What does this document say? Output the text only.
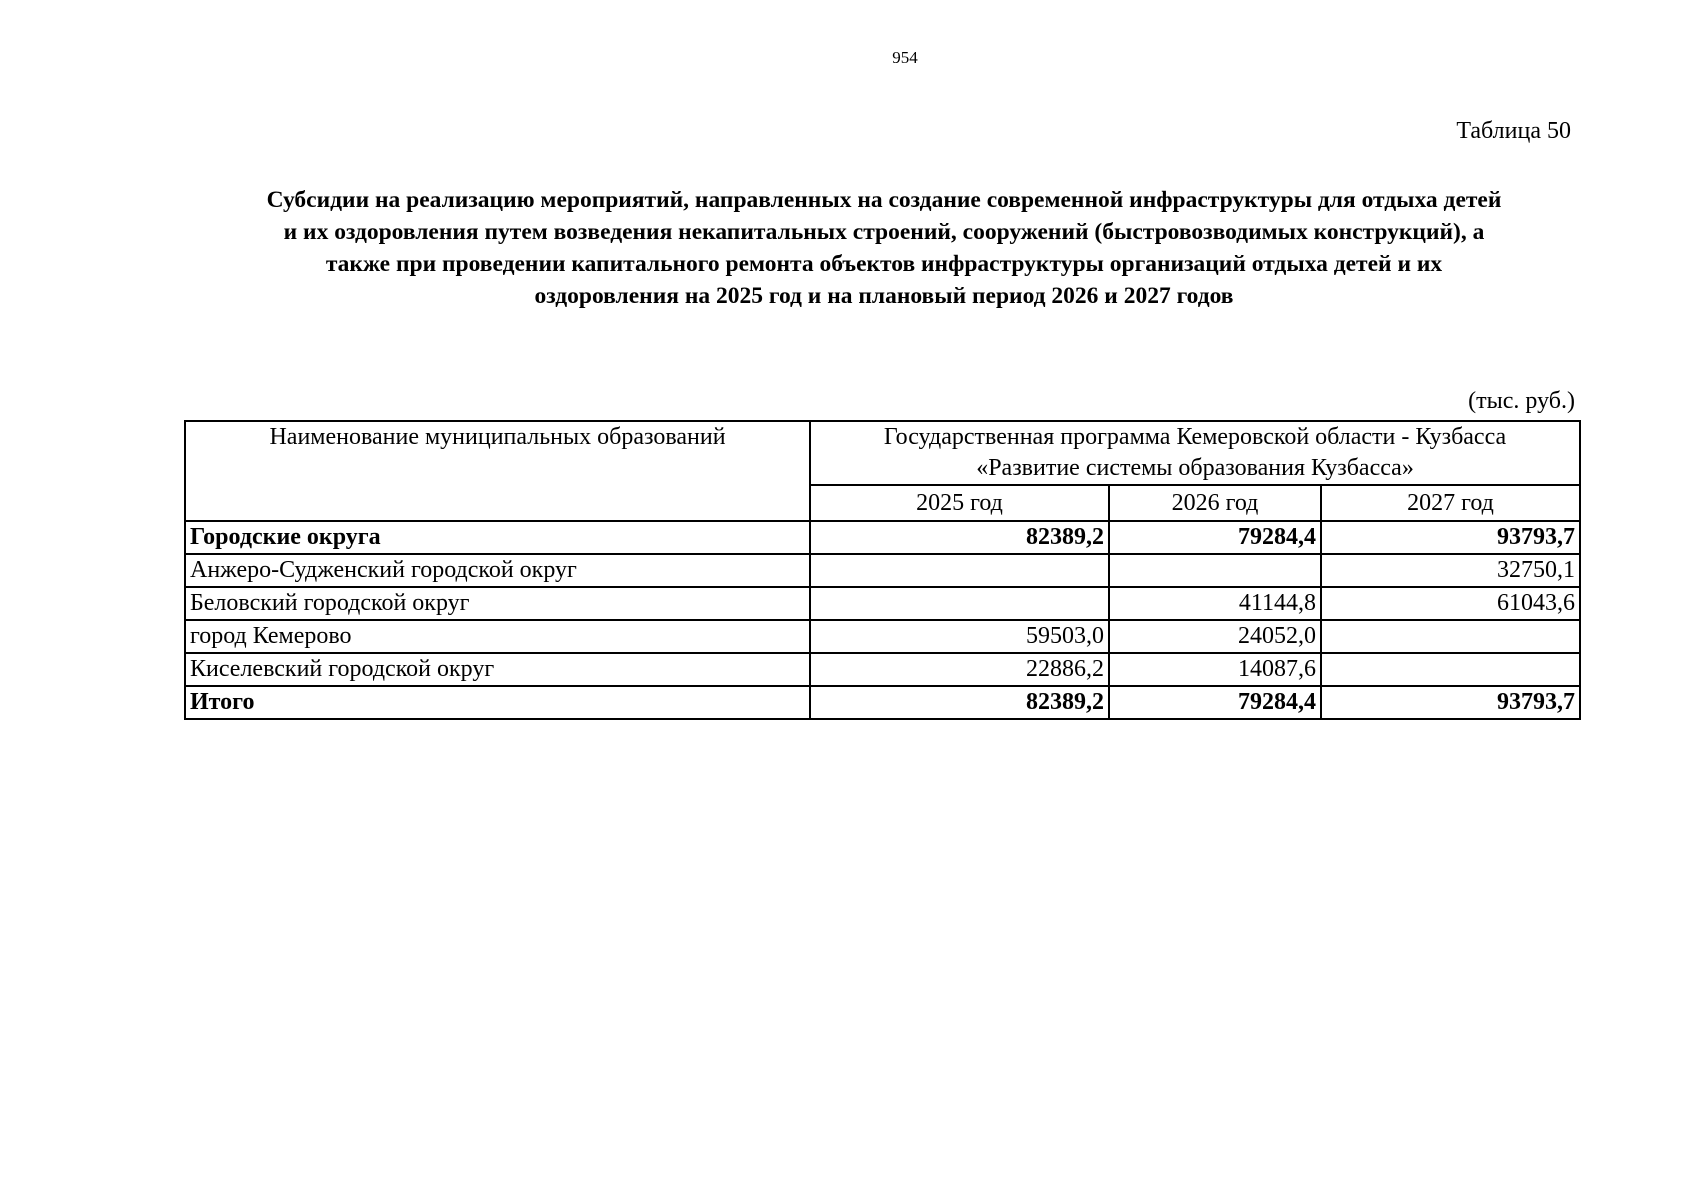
954
Таблица 50
Субсидии на реализацию мероприятий, направленных на создание современной инфраструктуры для отдыха детей
и их оздоровления путем возведения некапитальных строений, сооружений (быстровозводимых конструкций), а
также при проведении капитального ремонта объектов инфраструктуры организаций отдыха детей и их
оздоровления на 2025 год и на плановый период 2026 и 2027 годов
(тыс. руб.)
Наименование муниципальных образований	Государственная программа Кемеровской области - Кузбасса
«Развитие системы образования Кузбасса»		

	2025 год	2026 год	2027 год
Городские округа	82389,2	79284,4	93793,7
Анжеро-Судженский городской округ			32750,1
Беловский городской округ		41144,8	61043,6
город Кемерово	59503,0	24052,0	
Киселевский городской округ	22886,2	14087,6	
Итого	82389,2	79284,4	93793,7
